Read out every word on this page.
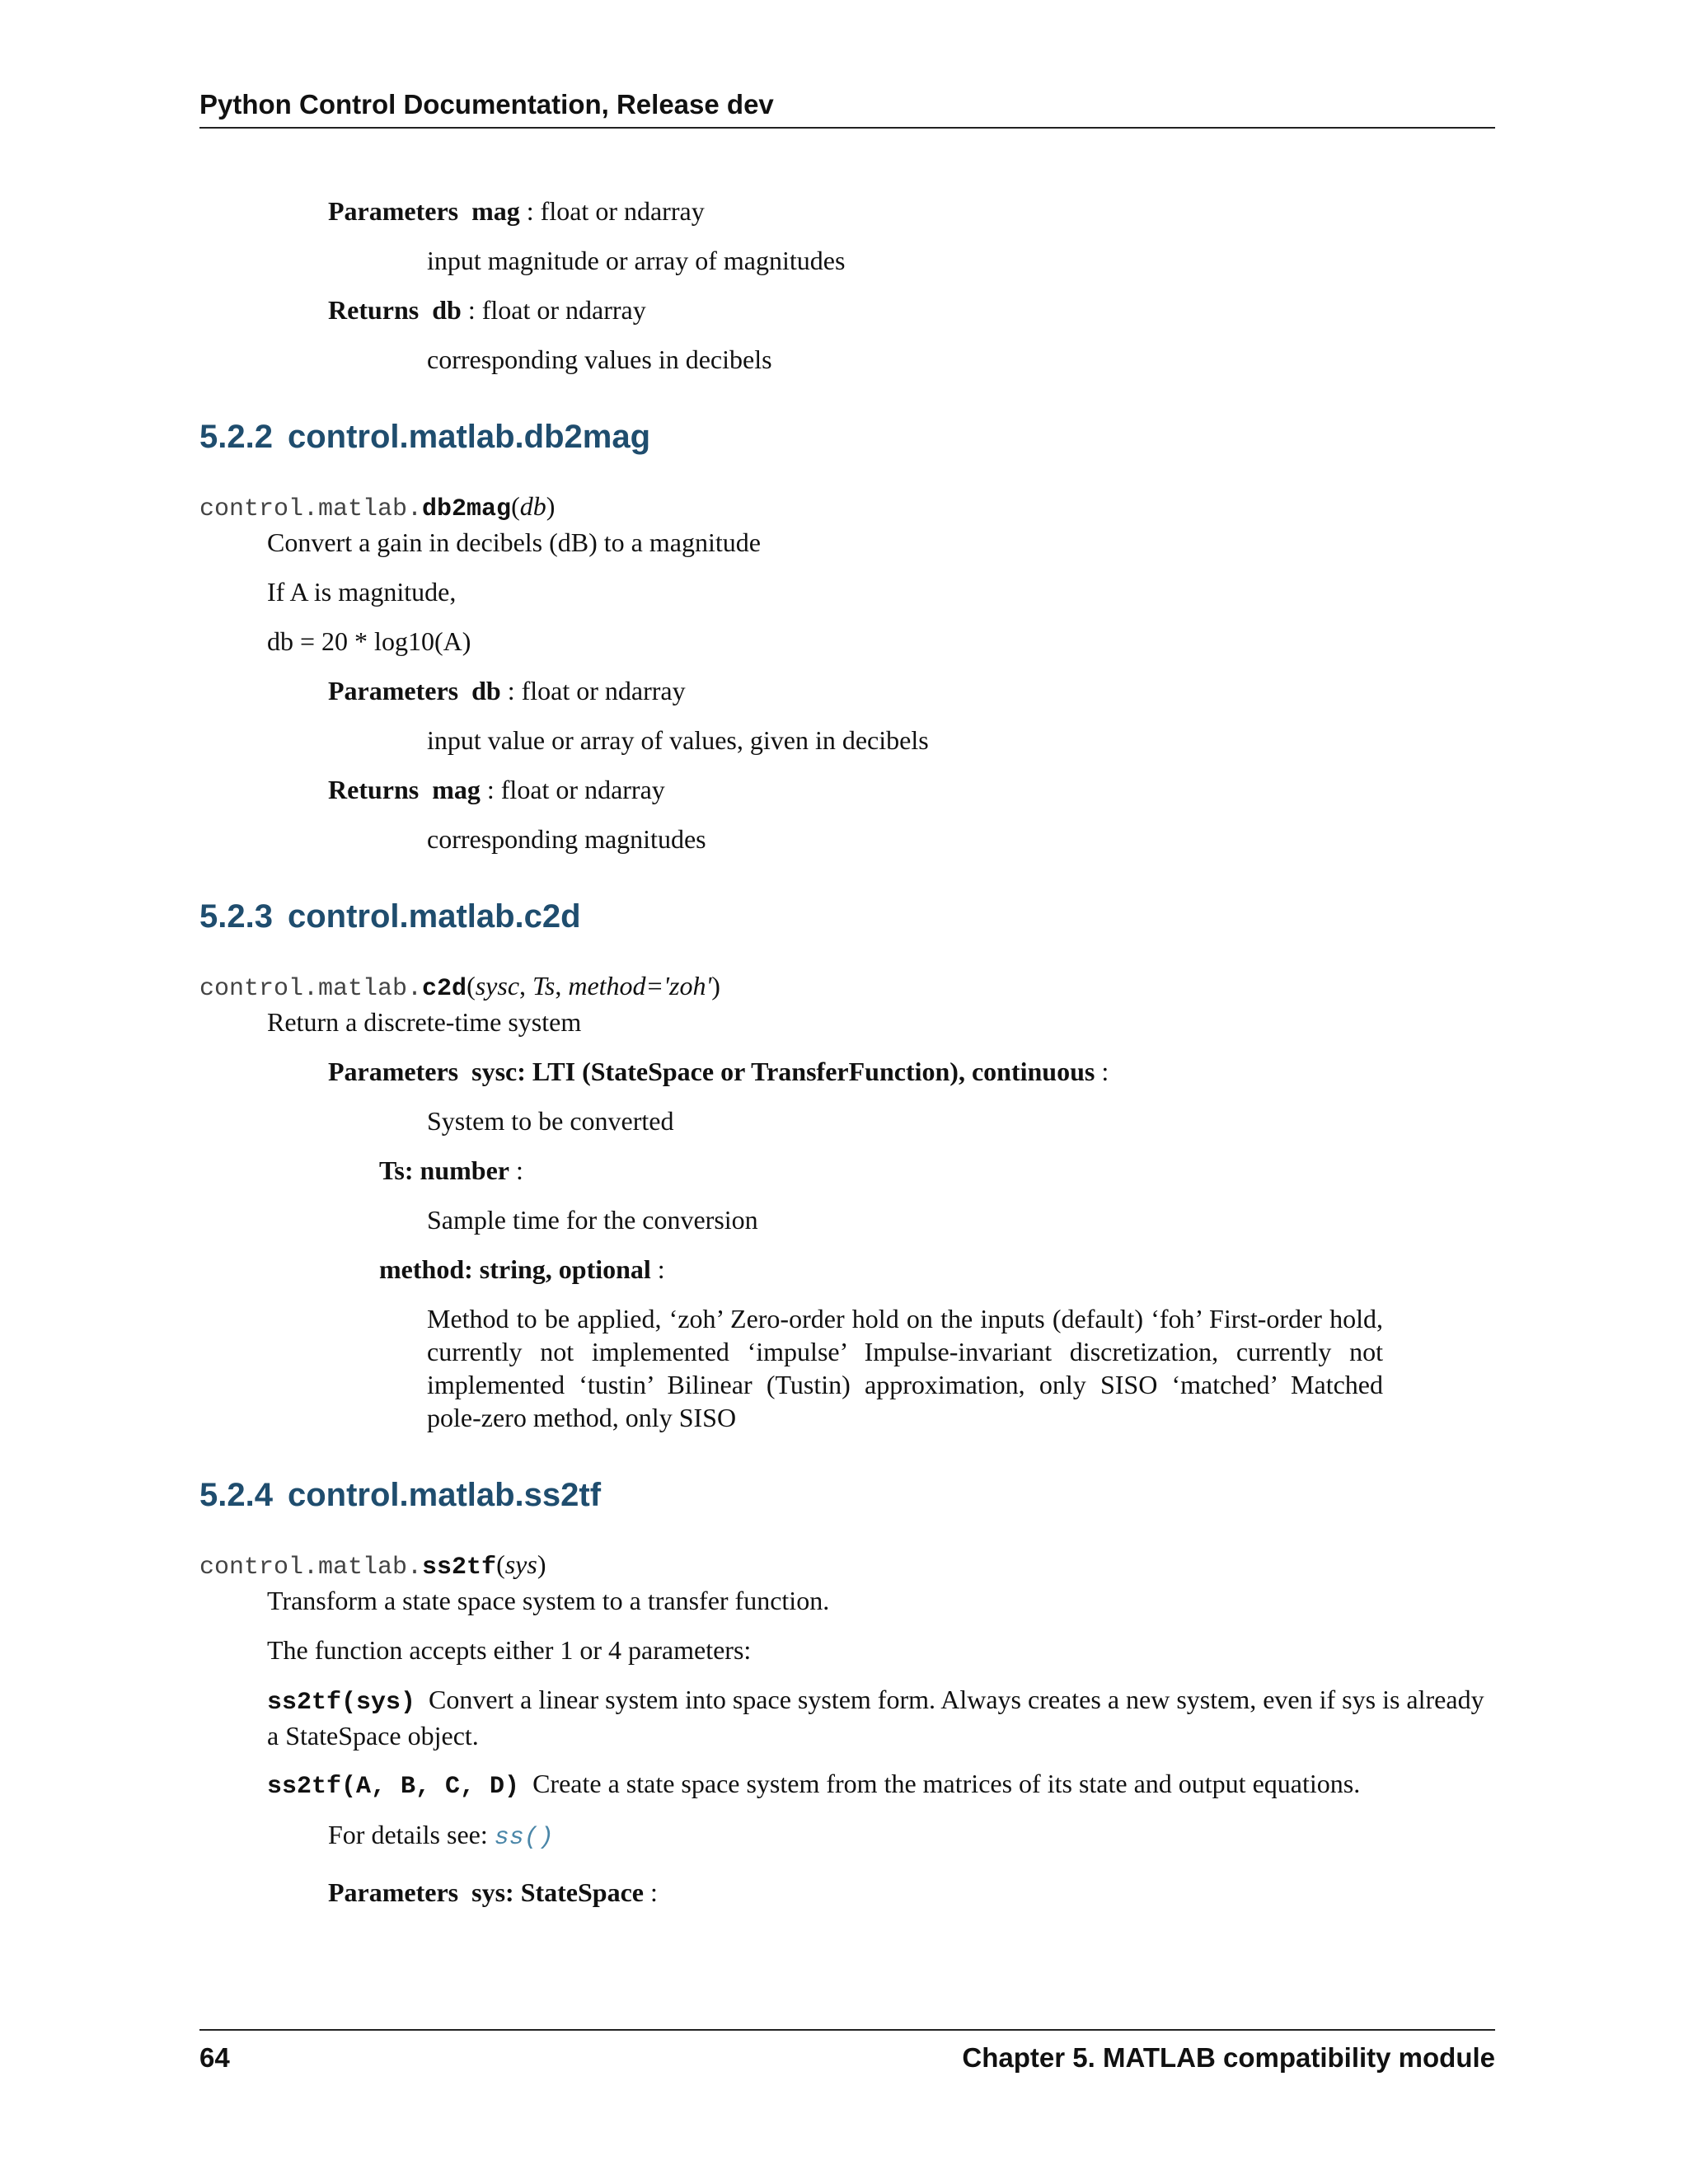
Python Control Documentation, Release dev
Parameters mag : float or ndarray
input magnitude or array of magnitudes
Returns db : float or ndarray
corresponding values in decibels
5.2.2 control.matlab.db2mag

control.matlab.db2mag(db)

Convert a gain in decibels (dB) to a magnitude

If A is magnitude,

db = 20 * log10(A)

Parameters db : float or ndarray
input value or array of values, given in decibels
Returns mag : float or ndarray
corresponding magnitudes
5.2.3 control.matlab.c2d

control.matlab.c2d(sysc, Ts, method='zoh')

Return a discrete-time system

Parameters sysc: LTI (StateSpace or TransferFunction), continuous :
System to be converted
Ts: number :
Sample time for the conversion
method: string, optional :
Method to be applied, ‘zoh’ Zero-order hold on the inputs (default) ‘foh’ First-order hold, currently not implemented ‘impulse’ Impulse-invariant discretization, currently not implemented ‘tustin’ Bilinear (Tustin) approximation, only SISO ‘matched’ Matched pole-zero method, only SISO
5.2.4 control.matlab.ss2tf

control.matlab.ss2tf(sys)

Transform a state space system to a transfer function.

The function accepts either 1 or 4 parameters:

ss2tf(sys) Convert a linear system into space system form. Always creates a new system, even if sys is already a StateSpace object.
ss2tf(A, B, C, D) Create a state space system from the matrices of its state and output equations.
For details see: ss()
Parameters sys: StateSpace :
64	Chapter 5. MATLAB compatibility module
